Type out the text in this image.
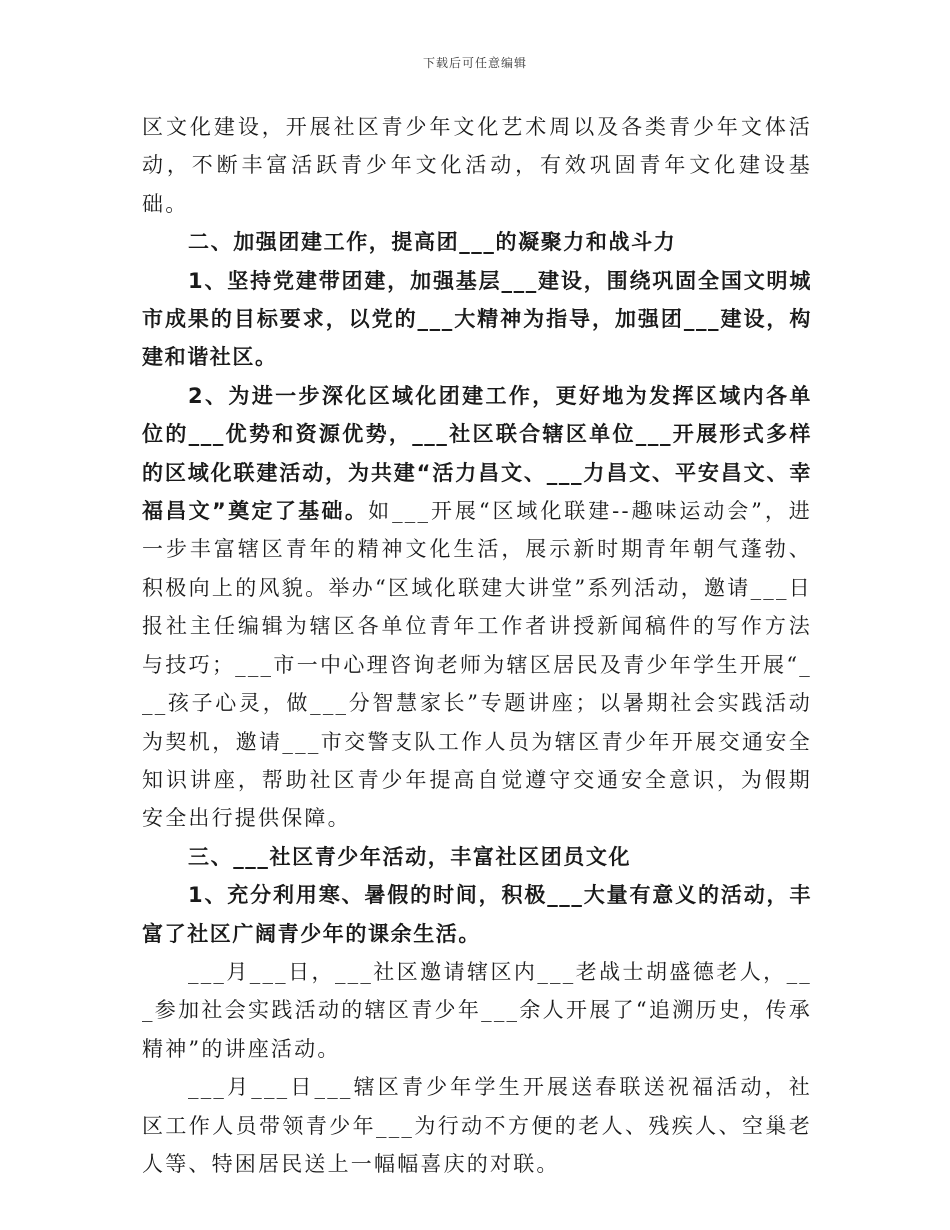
下载后可任意编辑

区文化建设，开展社区青少年文化艺术周以及各类青少年文体活动，不断丰富活跃青少年文化活动，有效巩固青年文化建设基础。

二、加强团建工作，提高团___的凝聚力和战斗力

1、坚持党建带团建，加强基层___建设，围绕巩固全国文明城市成果的目标要求，以党的___大精神为指导，加强团___建设，构建和谐社区。

2、为进一步深化区域化团建工作，更好地为发挥区域内各单位的___优势和资源优势，___社区联合辖区单位___开展形式多样的区域化联建活动，为共建“活力昌文、___力昌文、平安昌文、幸福昌文”奠定了基础。如___开展“区域化联建--趣味运动会”，进一步丰富辖区青年的精神文化生活，展示新时期青年朝气蓬勃、积极向上的风貌。举办“区域化联建大讲堂”系列活动，邀请___日报社主任编辑为辖区各单位青年工作者讲授新闻稿件的写作方法与技巧；___市一中心理咨询老师为辖区居民及青少年学生开展“___孩子心灵，做___分智慧家长”专题讲座；以暑期社会实践活动为契机，邀请___市交警支队工作人员为辖区青少年开展交通安全知识讲座，帮助社区青少年提高自觉遵守交通安全意识，为假期安全出行提供保障。

三、___社区青少年活动，丰富社区团员文化

1、充分利用寒、暑假的时间，积极___大量有意义的活动，丰富了社区广阔青少年的课余生活。

___月___日，___社区邀请辖区内___老战士胡盛德老人，___参加社会实践活动的辖区青少年___余人开展了“追溯历史，传承精神”的讲座活动。

___月___日___辖区青少年学生开展送春联送祝福活动，社区工作人员带领青少年___为行动不方便的老人、残疾人、空巢老人等、特困居民送上一幅幅喜庆的对联。
